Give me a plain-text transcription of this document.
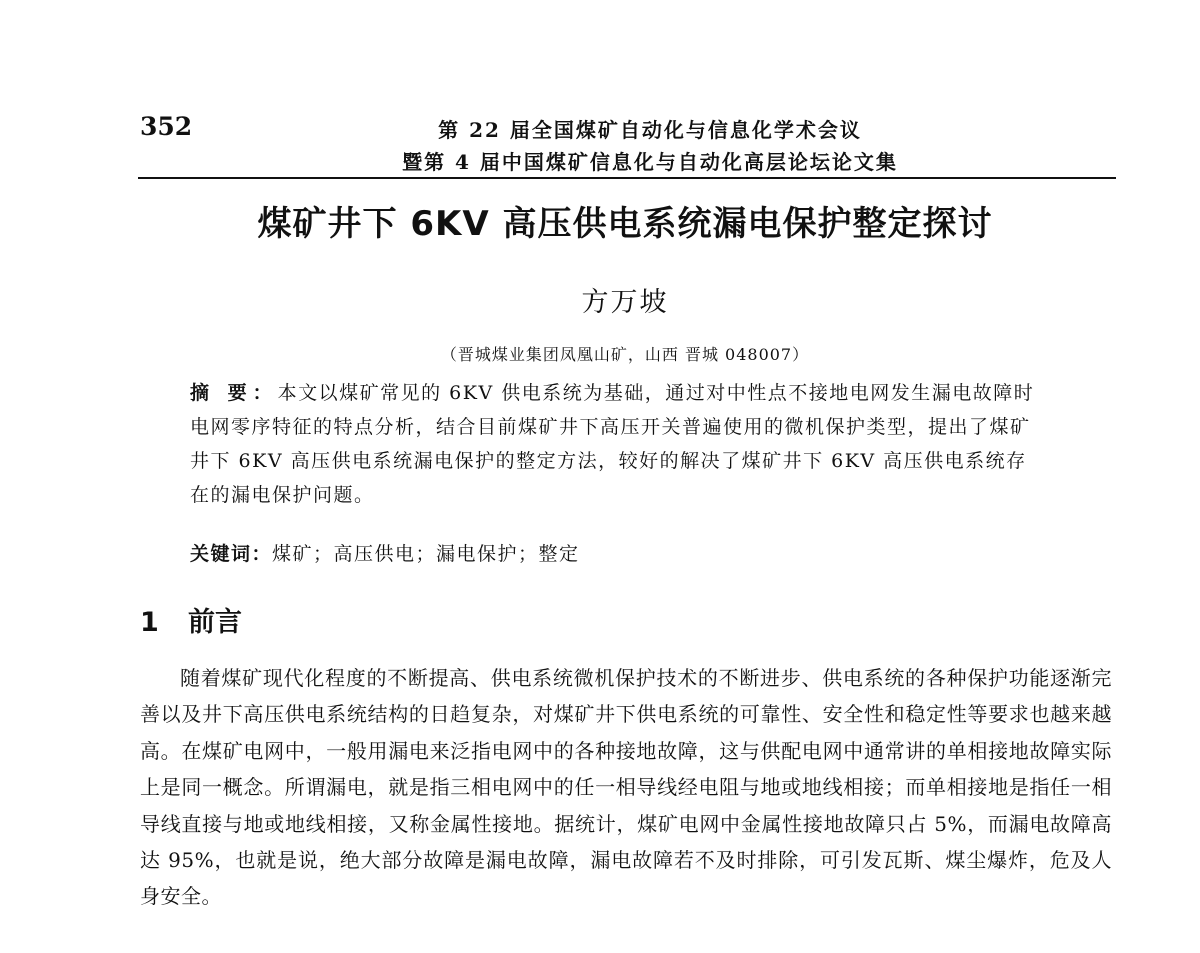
352	第 22 届全国煤矿自动化与信息化学术会议
暨第 4 届中国煤矿信息化与自动化高层论坛论文集
煤矿井下 6KV 高压供电系统漏电保护整定探讨
方万坡
（晋城煤业集团凤凰山矿，山西 晋城 048007）
摘 要：本文以煤矿常见的 6KV 供电系统为基础，通过对中性点不接地电网发生漏电故障时电网零序特征的特点分析，结合目前煤矿井下高压开关普遍使用的微机保护类型，提出了煤矿井下 6KV 高压供电系统漏电保护的整定方法，较好的解决了煤矿井下 6KV 高压供电系统存在的漏电保护问题。
关键词：煤矿；高压供电；漏电保护；整定
1 前言
随着煤矿现代化程度的不断提高、供电系统微机保护技术的不断进步、供电系统的各种保护功能逐渐完善以及井下高压供电系统结构的日趋复杂，对煤矿井下供电系统的可靠性、安全性和稳定性等要求也越来越高。在煤矿电网中，一般用漏电来泛指电网中的各种接地故障，这与供配电网中通常讲的单相接地故障实际上是同一概念。所谓漏电，就是指三相电网中的任一相导线经电阻与地或地线相接；而单相接地是指任一相导线直接与地或地线相接，又称金属性接地。据统计，煤矿电网中金属性接地故障只占 5%，而漏电故障高达 95%，也就是说，绝大部分故障是漏电故障，漏电故障若不及时排除，可引发瓦斯、煤尘爆炸，危及人身安全。
